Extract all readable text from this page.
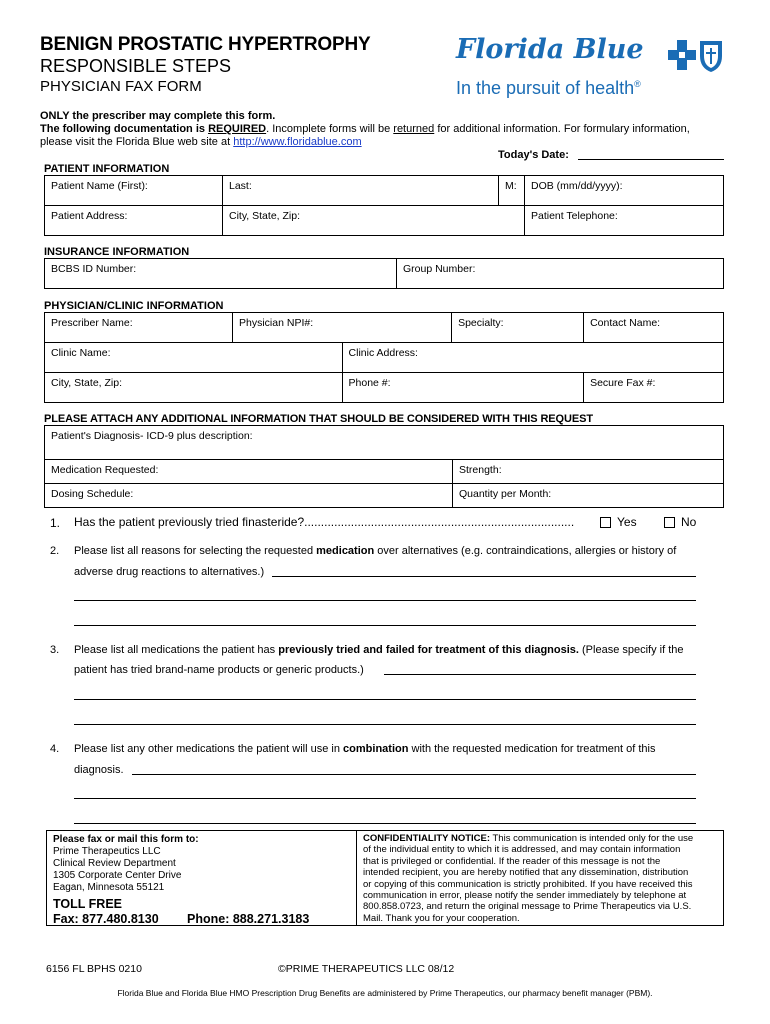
BENIGN PROSTATIC HYPERTROPHY
RESPONSIBLE STEPS
PHYSICIAN FAX FORM
Florida Blue
In the pursuit of health®
ONLY the prescriber may complete this form.
The following documentation is REQUIRED. Incomplete forms will be returned for additional information. For formulary information,
please visit the Florida Blue web site at http://www.floridablue.com
Today's Date:
PATIENT INFORMATION
Patient Name (First):	Last:	M:	DOB (mm/dd/yyyy):
Patient Address:	City, State, Zip:		Patient Telephone:
INSURANCE INFORMATION
BCBS ID Number:	Group Number:
PHYSICIAN/CLINIC INFORMATION
Prescriber Name:	Physician NPI#:		Specialty:	Contact Name:
Clinic Name:		Clinic Address:		
City, State, Zip:		Phone #:		Secure Fax #:
PLEASE ATTACH ANY ADDITIONAL INFORMATION THAT SHOULD BE CONSIDERED WITH THIS REQUEST
Patient's Diagnosis- ICD-9 plus description:	
Medication Requested:	Strength:
Dosing Schedule:	Quantity per Month:
1. Has the patient previously tried finasteride?.................................................................................	Yes	No
2. Please list all reasons for selecting the requested medication over alternatives (e.g. contraindications, allergies or history of
adverse drug reactions to alternatives.)
3. Please list all medications the patient has previously tried and failed for treatment of this diagnosis. (Please specify if the
patient has tried brand-name products or generic products.)
4. Please list any other medications the patient will use in combination with the requested medication for treatment of this
diagnosis.
Please fax or mail this form to:
Prime Therapeutics LLC
Clinical Review Department
1305 Corporate Center Drive
Eagan, Minnesota 55121
TOLL FREE
Fax: 877.480.8130 Phone: 888.271.3183
CONFIDENTIALITY NOTICE: This communication is intended only for the use
of the individual entity to which it is addressed, and may contain information
that is privileged or confidential. If the reader of this message is not the
intended recipient, you are hereby notified that any dissemination, distribution
or copying of this communication is strictly prohibited. If you have received this
communication in error, please notify the sender immediately by telephone at
800.858.0723, and return the original message to Prime Therapeutics via U.S.
Mail. Thank you for your cooperation.
6156 FL BPHS 0210	©PRIME THERAPEUTICS LLC 08/12
Florida Blue and Florida Blue HMO Prescription Drug Benefits are administered by Prime Therapeutics, our pharmacy benefit manager (PBM).
